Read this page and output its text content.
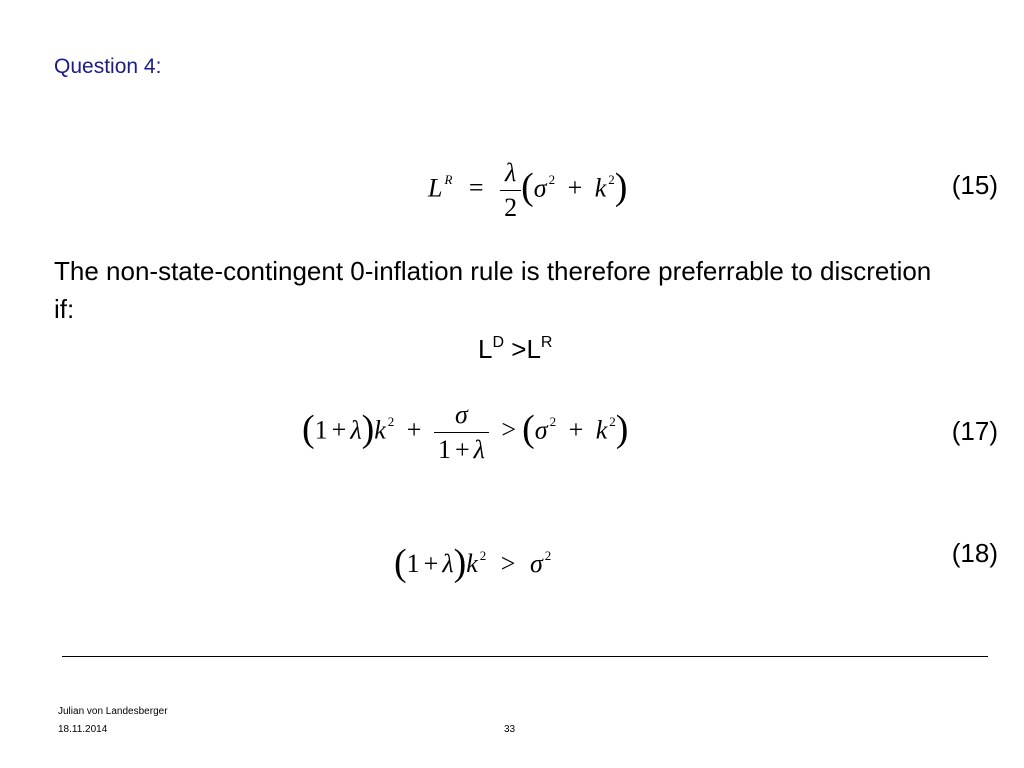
Question 4:
L $^R = \frac{\lambda}{2} (\sigma$ $^2$ + k $^2$)	(15)
The non-state-contingent 0-inflation rule is therefore preferrable to discretion if:
$L^D >L^R$
(1 + λ)k $^2 + \frac{\sigma}{1 + \lambda} > (\sigma$ $^2$ + k $^2$)	(17)
(1 + λ)k $^2$ > σ $^2$	(18)
Julian von Landesberger
18.11.2014	33
